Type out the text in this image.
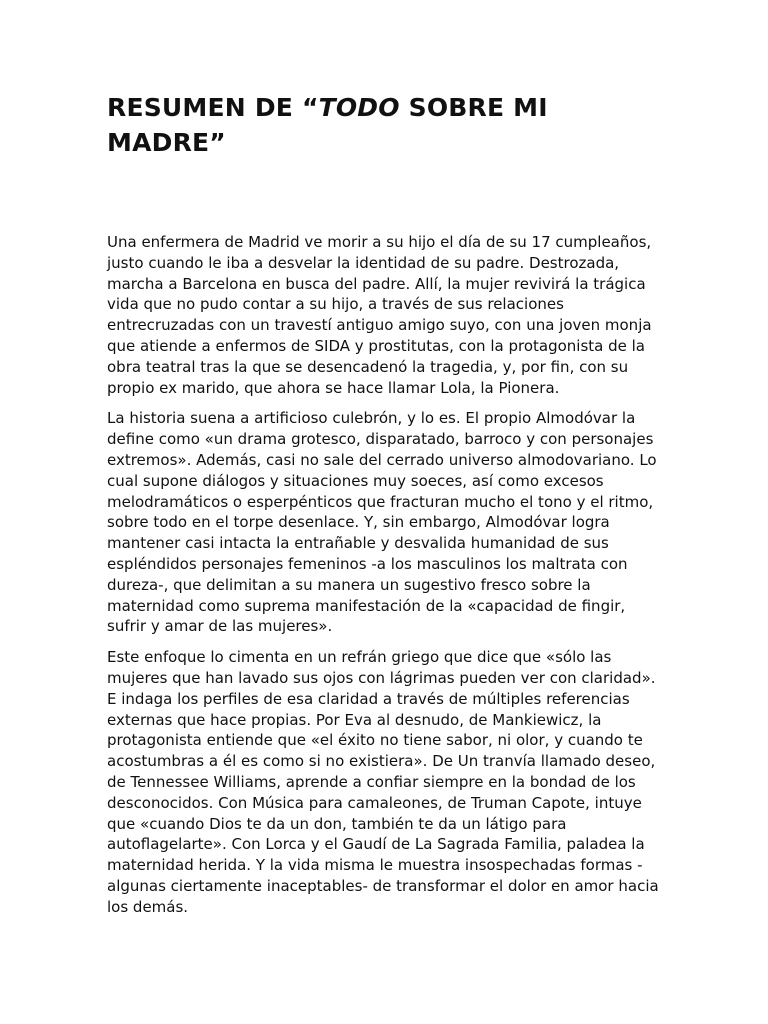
RESUMEN DE “TODO SOBRE MI MADRE”

Una enfermera de Madrid ve morir a su hijo el día de su 17 cumpleaños, justo cuando le iba a desvelar la identidad de su padre. Destrozada, marcha a Barcelona en busca del padre. Allí, la mujer revivirá la trágica vida que no pudo contar a su hijo, a través de sus relaciones entrecruzadas con un travestí antiguo amigo suyo, con una joven monja que atiende a enfermos de SIDA y prostitutas, con la protagonista de la obra teatral tras la que se desencadenó la tragedia, y, por fin, con su propio ex marido, que ahora se hace llamar Lola, la Pionera.

La historia suena a artificioso culebrón, y lo es. El propio Almodóvar la define como «un drama grotesco, disparatado, barroco y con personajes extremos». Además, casi no sale del cerrado universo almodovariano. Lo cual supone diálogos y situaciones muy soeces, así como excesos melodramáticos o esperpénticos que fracturan mucho el tono y el ritmo, sobre todo en el torpe desenlace. Y, sin embargo, Almodóvar logra mantener casi intacta la entrañable y desvalida humanidad de sus espléndidos personajes femeninos -a los masculinos los maltrata con dureza-, que delimitan a su manera un sugestivo fresco sobre la maternidad como suprema manifestación de la «capacidad de fingir, sufrir y amar de las mujeres».

Este enfoque lo cimenta en un refrán griego que dice que «sólo las mujeres que han lavado sus ojos con lágrimas pueden ver con claridad». E indaga los perfiles de esa claridad a través de múltiples referencias externas que hace propias. Por Eva al desnudo, de Mankiewicz, la protagonista entiende que «el éxito no tiene sabor, ni olor, y cuando te acostumbras a él es como si no existiera». De Un tranvía llamado deseo, de Tennessee Williams, aprende a confiar siempre en la bondad de los desconocidos. Con Música para camaleones, de Truman Capote, intuye que «cuando Dios te da un don, también te da un látigo para autoflagelarte». Con Lorca y el Gaudí de La Sagrada Familia, paladea la maternidad herida. Y la vida misma le muestra insospechadas formas -algunas ciertamente inaceptables- de transformar el dolor en amor hacia los demás.
